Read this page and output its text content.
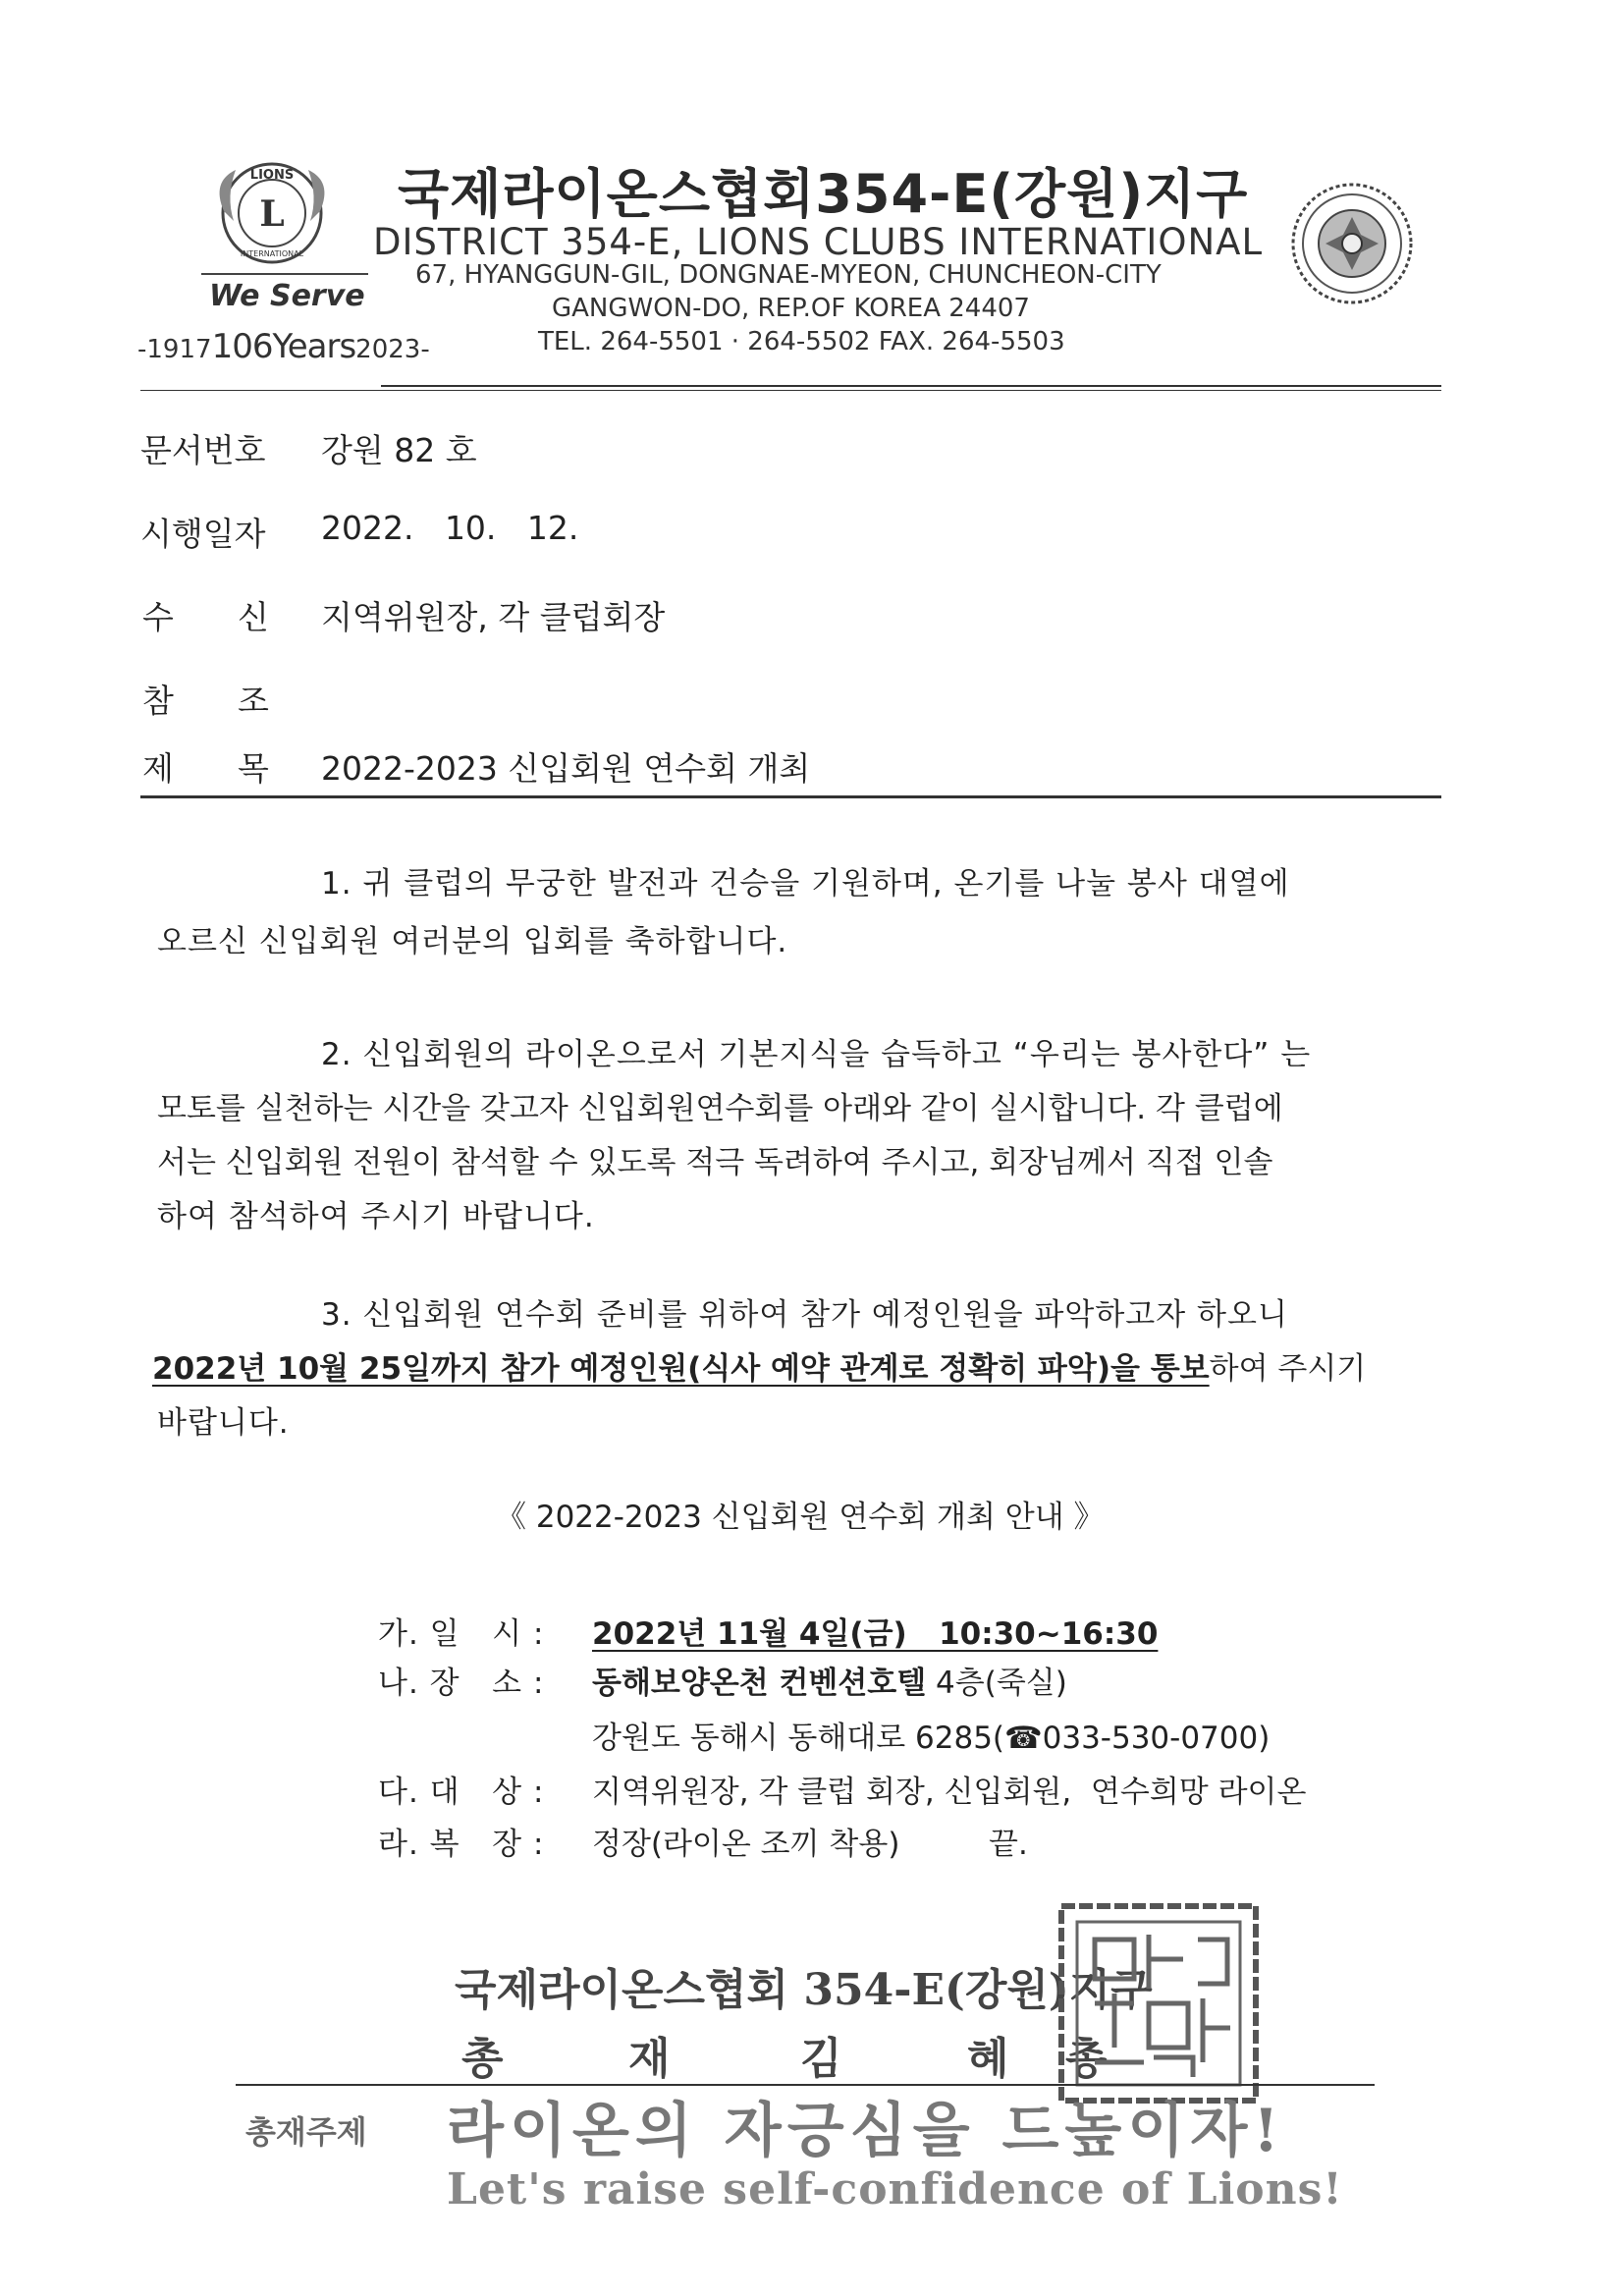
L
LIONS
INTERNATIONAL
We Serve
-1917106Years2023-
국제라이온스협회354-E(강원)지구
DISTRICT 354-E, LIONS CLUBS INTERNATIONAL
67, HYANGGUN-GIL, DONGNAE-MYEON, CHUNCHEON-CITY
GANGWON-DO, REP.OF KOREA 24407
TEL. 264-5501 · 264-5502 FAX. 264-5503
문서번호 강원 82 호
시행일자 2022.   10.   12.
수 신 지역위원장, 각 클럽회장
참 조
제 목 2022-2023 신입회원 연수회 개최
1. 귀 클럽의 무궁한 발전과 건승을 기원하며, 온기를 나눌 봉사 대열에
오르신 신입회원 여러분의 입회를 축하합니다.
2. 신입회원의 라이온으로서 기본지식을 습득하고 “우리는 봉사한다” 는
모토를 실천하는 시간을 갖고자 신입회원연수회를 아래와 같이 실시합니다. 각 클럽에
서는 신입회원 전원이 참석할 수 있도록 적극 독려하여 주시고, 회장님께서 직접 인솔
하여 참석하여 주시기 바랍니다.
3. 신입회원 연수회 준비를 위하여 참가 예정인원을 파악하고자 하오니
2022년 10월 25일까지 참가 예정인원(식사 예약 관계로 정확히 파악)을 통보하여 주시기
바랍니다.
《 2022-2023 신입회원 연수회 개최 안내 》
가. 일   시 : 2022년 11월 4일(금)   10:30~16:30
나. 장   소 : 동해보양온천 컨벤션호텔 4층(죽실)
강원도 동해시 동해대로 6285(☎033-530-0700)
다. 대   상 : 지역위원장, 각 클럽 회장, 신입회원,  연수희망 라이온
라. 복   장 : 정장(라이온 조끼 착용)	끝.
국제라이온스협회 354-E(강원)지구
총	재	김	혜 총
총재주제 라이온의 자긍심을 드높이자!
Let's raise self-confidence of Lions!
